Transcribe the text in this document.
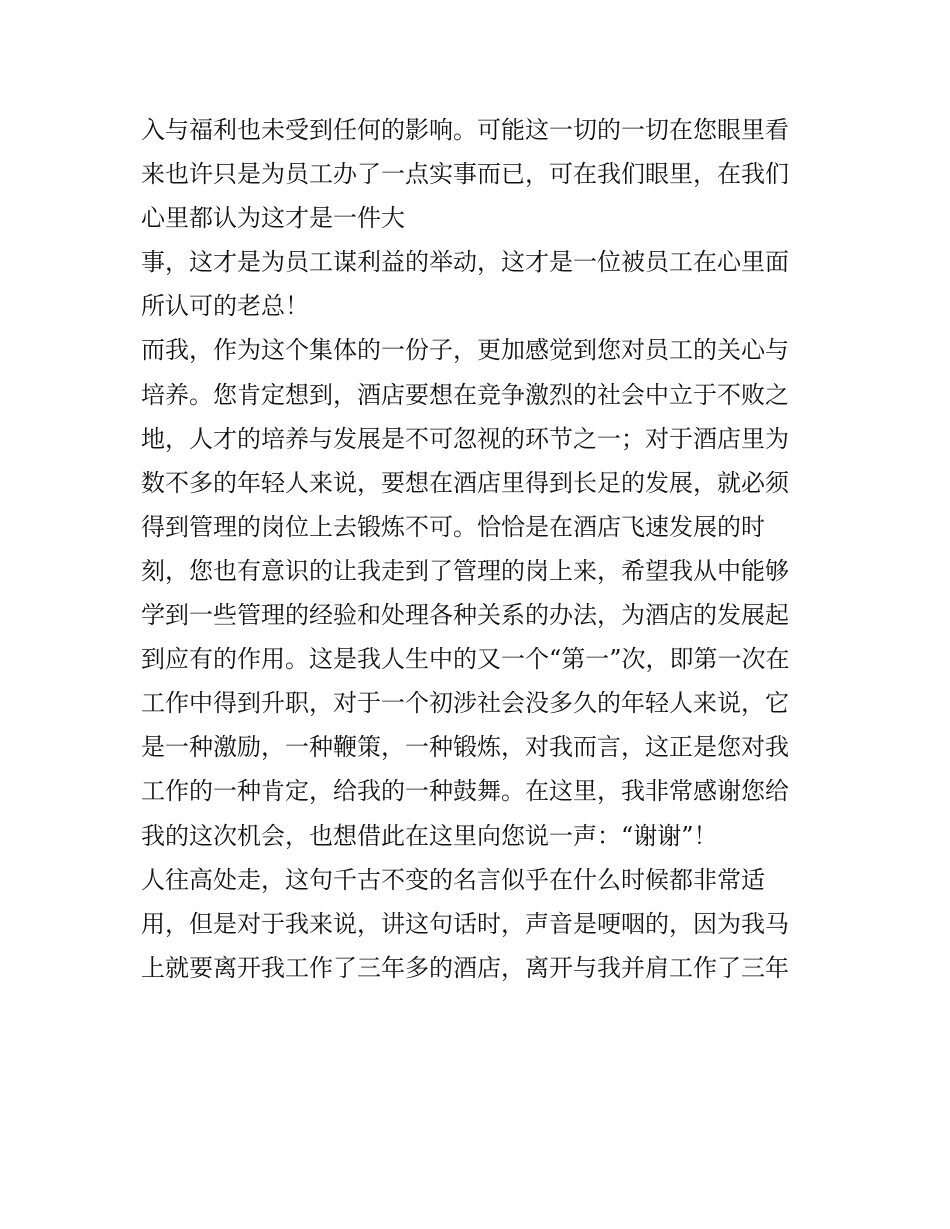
入与福利也未受到任何的影响。可能这一切的一切在您眼里看
来也许只是为员工办了一点实事而已，可在我们眼里，在我们
心里都认为这才是一件大
事，这才是为员工谋利益的举动，这才是一位被员工在心里面
所认可的老总！
而我，作为这个集体的一份子，更加感觉到您对员工的关心与
培养。您肯定想到，酒店要想在竞争激烈的社会中立于不败之
地，人才的培养与发展是不可忽视的环节之一；对于酒店里为
数不多的年轻人来说，要想在酒店里得到长足的发展，就必须
得到管理的岗位上去锻炼不可。恰恰是在酒店飞速发展的时
刻，您也有意识的让我走到了管理的岗上来，希望我从中能够
学到一些管理的经验和处理各种关系的办法，为酒店的发展起
到应有的作用。这是我人生中的又一个“第一”次，即第一次在
工作中得到升职，对于一个初涉社会没多久的年轻人来说，它
是一种激励，一种鞭策，一种锻炼，对我而言，这正是您对我
工作的一种肯定，给我的一种鼓舞。在这里，我非常感谢您给
我的这次机会，也想借此在这里向您说一声：“谢谢”！
人往高处走，这句千古不变的名言似乎在什么时候都非常适
用，但是对于我来说，讲这句话时，声音是哽咽的，因为我马
上就要离开我工作了三年多的酒店，离开与我并肩工作了三年
